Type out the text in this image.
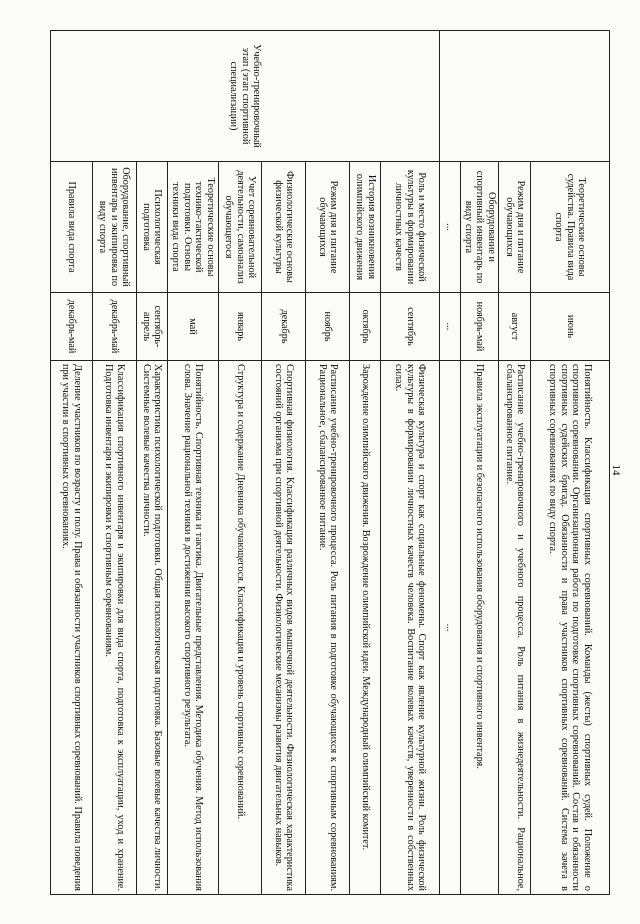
14
	Теоретические основы судейства. Правила вида спорта	июнь	Понятийность. Классификация спортивных соревнований. Команды (жесты) спортивных судей. Положение о спортивном соревновании. Организационная работа по подготовке спортивных соревнований. Состав и обязанности спортивных судейских бригад. Обязанности и права участников спортивных соревнований. Система зачета в спортивных соревнованиях по виду спорта.
	Режим дня и питание обучающихся	август	Расписание учебно-тренировочного и учебного процесса. Роль питания в жизнедеятельности. Рациональное, сбалансированное питание.
	Оборудование и спортивный инвентарь по виду спорта	ноябрь-май	Правила эксплуатации и безопасного использования оборудования и спортивного инвентаря.
	...	...	...
Учебно-тренировочный этап (этап спортивной специализации)	Роль и место физической культуры в формировании личностных качеств	сентябрь	Физическая культура и спорт как социальные феномены. Спорт как явление культурной жизни. Роль физической культуры в формировании личностных качеств человека. Воспитание волевых качеств, уверенности в собственных силах.
	История возникновения олимпийского движения	октябрь	Зарождение олимпийского движения. Возрождение олимпийской идеи. Международный олимпийский комитет.
	Режим дня и питание обучающихся	ноябрь	Расписание учебно-тренировочного процесса. Роль питания в подготовке обучающихся к спортивным соревнованиям. Рациональное, сбалансированное питание.
	Физиологические основы физической культуры	декабрь	Спортивная физиология. Классификация различных видов мышечной деятельности. Физиологическая характеристика состояний организма при спортивной деятельности. Физиологические механизмы развития двигательных навыков.
	Учет соревновательной деятельности, самоанализ обучающегося	январь	Структура и содержание Дневника обучающегося. Классификация и уровень спортивных соревнований.
	Теоретические основы технико-тактической подготовки. Основы техники вида спорта	май	Понятийность. Спортивная техника и тактика. Двигательные представления. Методика обучения. Метод использования слова. Значение рациональной техники в достижении высокого спортивного результата.
	Психологическая подготовка	сентябрь-апрель	Характеристика психологической подготовки. Общая психологическая подготовка. Базовые волевые качества личности. Системные волевые качества личности.
	Оборудование, спортивный инвентарь и экипировка по виду спорта	декабрь-май	Классификация спортивного инвентаря и экипировки для вида спорта, подготовка к эксплуатации, уход и хранение. Подготовка инвентаря и экипировки к спортивным соревнованиям.
	Правила вида спорта	декабрь-май	Деление участников по возрасту и полу. Права и обязанности участников спортивных соревнований. Правила поведения при участии в спортивных соревнованиях.
